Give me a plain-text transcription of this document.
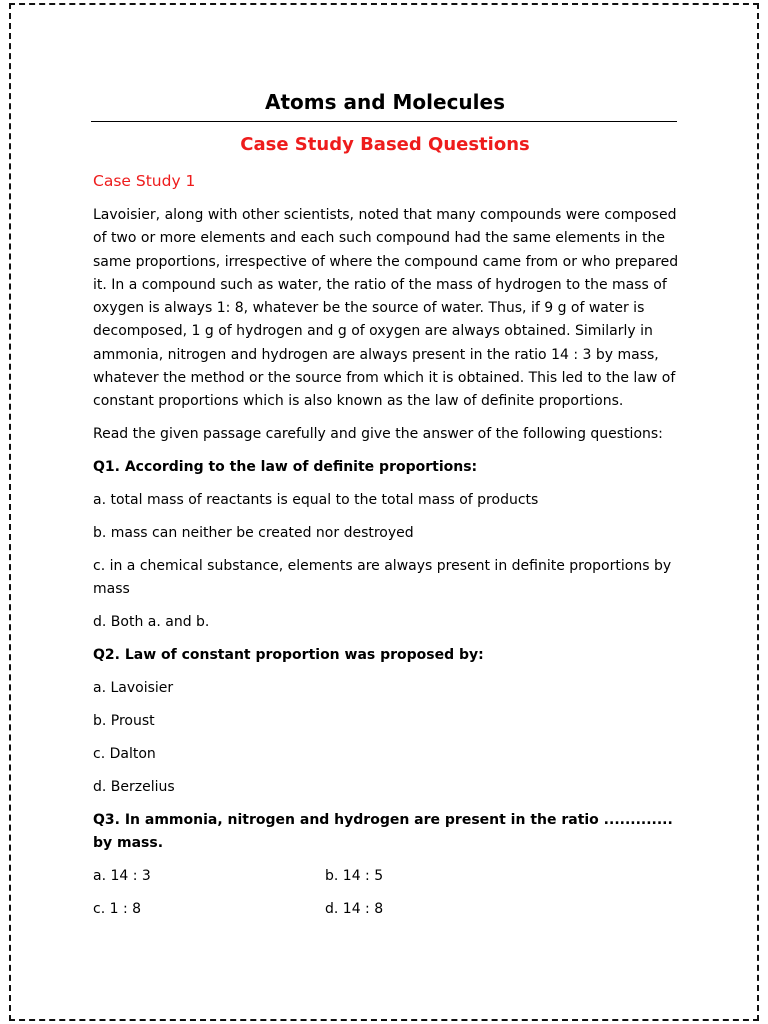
Atoms and Molecules
Case Study Based Questions

Case Study 1

Lavoisier, along with other scientists, noted that many compounds were composed of two or more elements and each such compound had the same elements in the same proportions, irrespective of where the compound came from or who prepared it. In a compound such as water, the ratio of the mass of hydrogen to the mass of oxygen is always 1: 8, whatever be the source of water. Thus, if 9 g of water is decomposed, 1 g of hydrogen and g of oxygen are always obtained. Similarly in ammonia, nitrogen and hydrogen are always present in the ratio 14 : 3 by mass, whatever the method or the source from which it is obtained. This led to the law of constant proportions which is also known as the law of definite proportions.

Read the given passage carefully and give the answer of the following questions:

Q1. According to the law of definite proportions:

a. total mass of reactants is equal to the total mass of products

b. mass can neither be created nor destroyed

c. in a chemical substance, elements are always present in definite proportions by mass

d. Both a. and b.

Q2. Law of constant proportion was proposed by:

a. Lavoisier

b. Proust

c. Dalton

d. Berzelius

Q3. In ammonia, nitrogen and hydrogen are present in the ratio ............. by mass.

a. 14 : 3	b. 14 : 5
c. 1 : 8	d. 14 : 8
